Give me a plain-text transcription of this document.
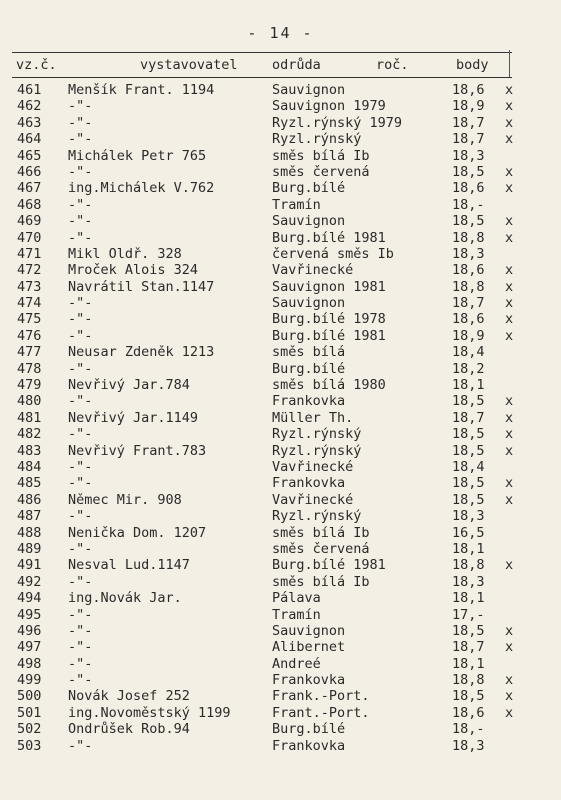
- 14 -
vz.č.	vystavovatel	odrůda	roč.	body
461 Menšík Frant. 1194	Sauvignon	18,6 x
462 -"-	Sauvignon 1979	18,9 x
463 -"-	Ryzl.rýnský 1979	18,7 x
464 -"-	Ryzl.rýnský	18,7 x
465 Michálek Petr 765	směs bílá Ib	18,3
466 -"-	směs červená	18,5 x
467 ing.Michálek V.762	Burg.bílé	18,6 x
468 -"-	Tramín	18,-
469 -"-	Sauvignon	18,5 x
470 -"-	Burg.bílé 1981	18,8 x
471 Mikl Oldř. 328	červená směs Ib	18,3
472 Mroček Alois 324	Vavřinecké	18,6 x
473 Navrátil Stan.1147	Sauvignon 1981	18,8 x
474 -"-	Sauvignon	18,7 x
475 -"-	Burg.bílé 1978	18,6 x
476 -"-	Burg.bílé 1981	18,9 x
477 Neusar Zdeněk 1213	směs bílá	18,4
478 -"-	Burg.bílé	18,2
479 Nevřivý Jar.784	směs bílá 1980	18,1
480 -"-	Frankovka	18,5 x
481 Nevřivý Jar.1149	Müller Th.	18,7 x
482 -"-	Ryzl.rýnský	18,5 x
483 Nevřivý Frant.783	Ryzl.rýnský	18,5 x
484 -"-	Vavřinecké	18,4
485 -"-	Frankovka	18,5 x
486 Němec Mir. 908	Vavřinecké	18,5 x
487 -"-	Ryzl.rýnský	18,3
488 Nenička Dom. 1207	směs bílá Ib	16,5
489 -"-	směs červená	18,1
491 Nesval Lud.1147	Burg.bílé 1981	18,8 x
492 -"-	směs bílá Ib	18,3
494 ing.Novák Jar.	Pálava	18,1
495 -"-	Tramín	17,-
496 -"-	Sauvignon	18,5 x
497 -"-	Alibernet	18,7 x
498 -"-	Andreé	18,1
499 -"-	Frankovka	18,8 x
500 Novák Josef 252	Frank.-Port.	18,5 x
501 ing.Novoměstský 1199	Frant.-Port.	18,6 x
502 Ondrůšek Rob.94	Burg.bílé	18,-
503 -"-	Frankovka	18,3
